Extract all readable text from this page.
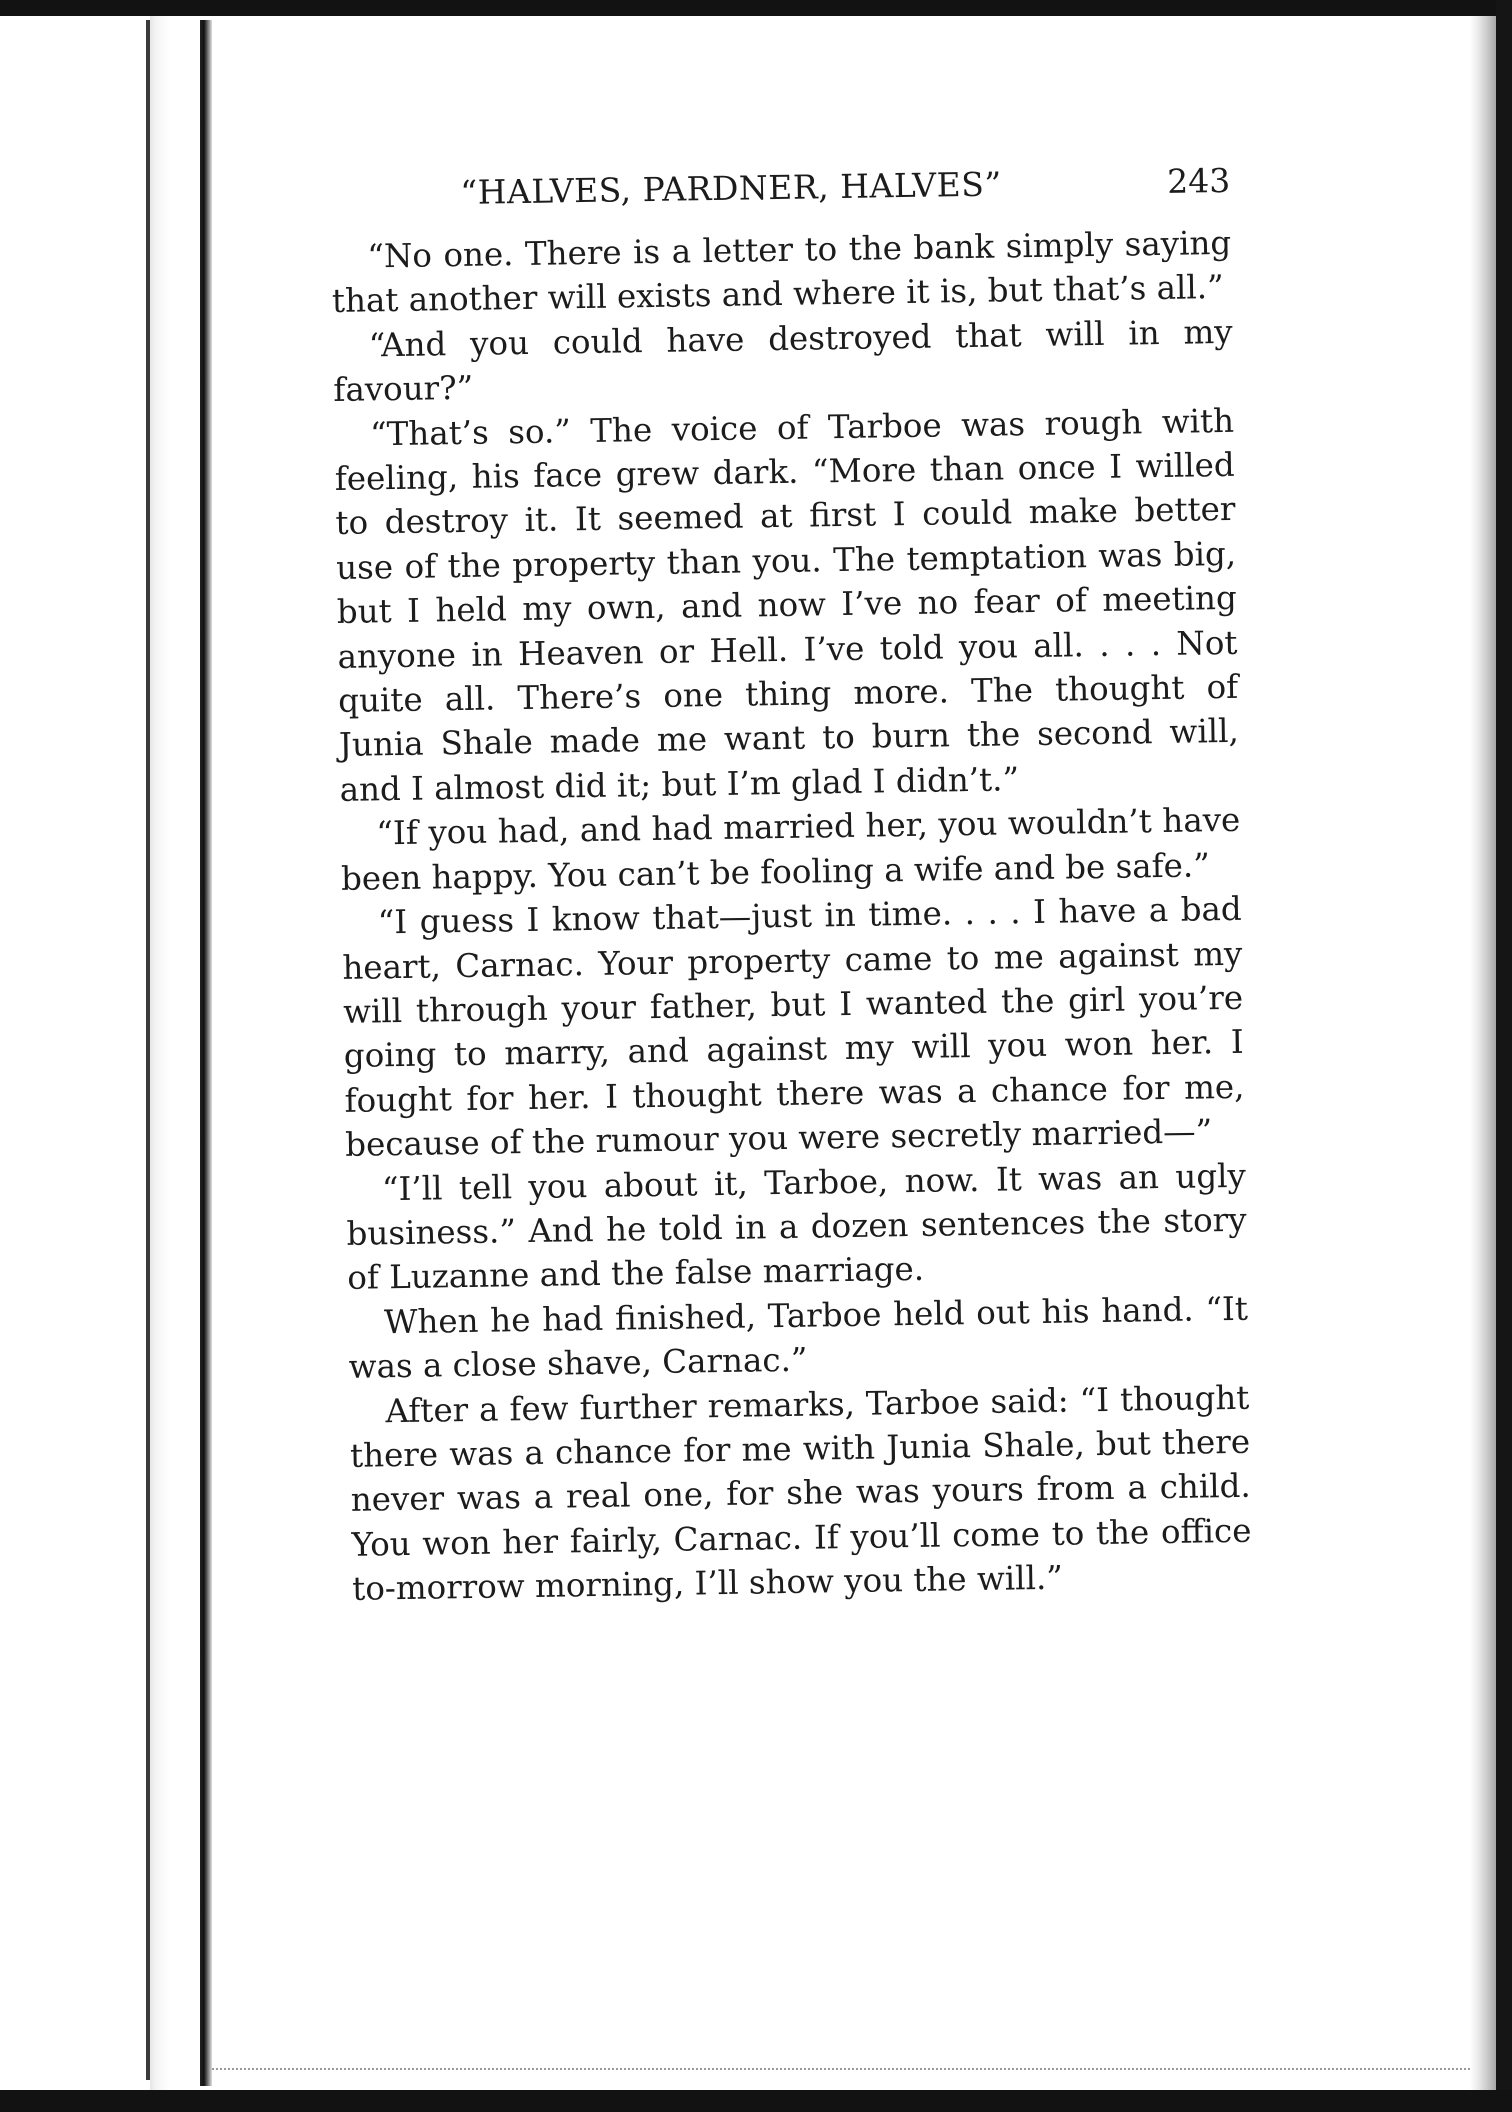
“HALVES, PARDNER, HALVES”	243

“No one. There is a letter to the bank simply saying that another will exists and where it is, but that’s all.”

“And you could have destroyed that will in my favour?”

“That’s so.” The voice of Tarboe was rough with feeling, his face grew dark. “More than once I willed to destroy it. It seemed at first I could make better use of the property than you. The temptation was big, but I held my own, and now I’ve no fear of meeting anyone in Heaven or Hell. I’ve told you all. . . . Not quite all. There’s one thing more. The thought of Junia Shale made me want to burn the second will, and I almost did it; but I’m glad I didn’t.”

“If you had, and had married her, you wouldn’t have been happy. You can’t be fooling a wife and be safe.”

“I guess I know that—just in time. . . . I have a bad heart, Carnac. Your property came to me against my will through your father, but I wanted the girl you’re going to marry, and against my will you won her. I fought for her. I thought there was a chance for me, because of the rumour you were secretly married—”

“I’ll tell you about it, Tarboe, now. It was an ugly business.” And he told in a dozen sentences the story of Luzanne and the false marriage.

When he had finished, Tarboe held out his hand. “It was a close shave, Carnac.”

After a few further remarks, Tarboe said: “I thought there was a chance for me with Junia Shale, but there never was a real one, for she was yours from a child. You won her fairly, Carnac. If you’ll come to the office to-morrow morning, I’ll show you the will.”
